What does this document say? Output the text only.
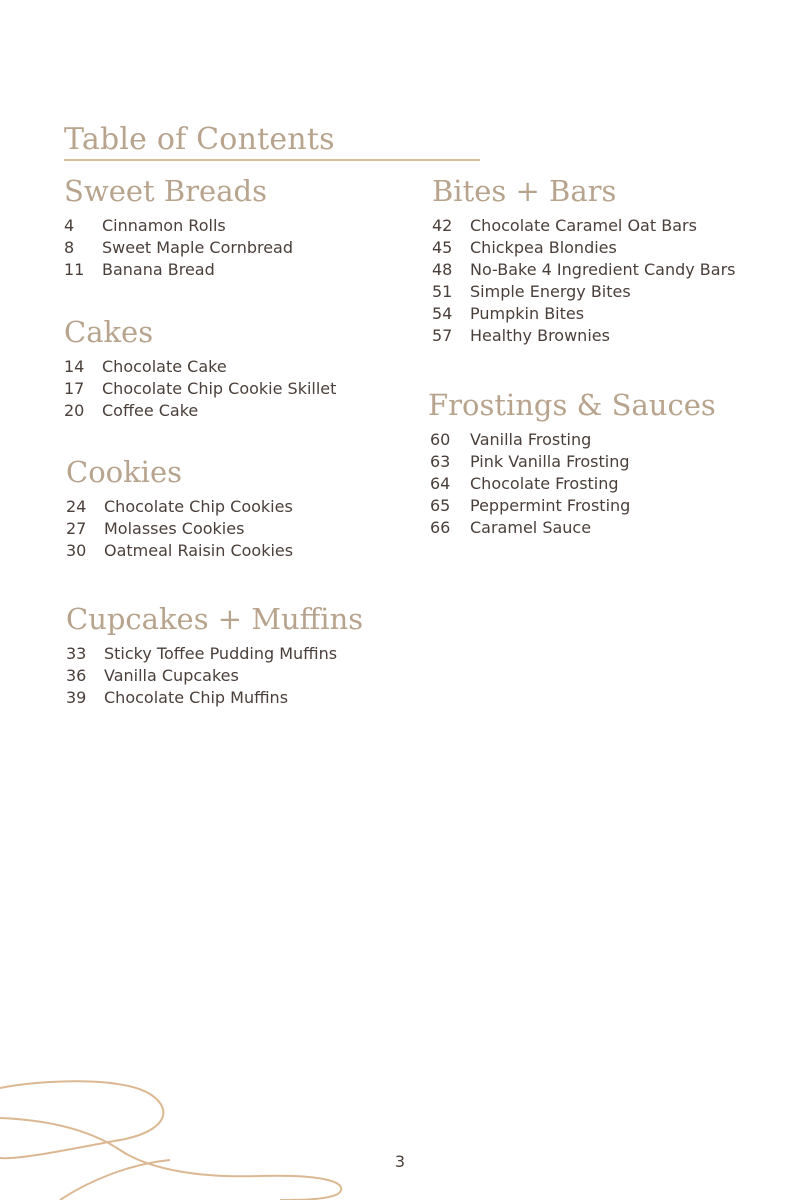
Table of Contents
Sweet Breads
4	Cinnamon Rolls
8	Sweet Maple Cornbread
11	Banana Bread
Cakes
14	Chocolate Cake
17	Chocolate Chip Cookie Skillet
20	Coffee Cake
Cookies
24	Chocolate Chip Cookies
27	Molasses Cookies
30	Oatmeal Raisin Cookies
Cupcakes + Muffins
33	Sticky Toffee Pudding Muffins
36	Vanilla Cupcakes
39	Chocolate Chip Muffins
Bites + Bars
42	Chocolate Caramel Oat Bars
45	Chickpea Blondies
48	No-Bake 4 Ingredient Candy Bars
51	Simple Energy Bites
54	Pumpkin Bites
57	Healthy Brownies
Frostings & Sauces
60	Vanilla Frosting
63	Pink Vanilla Frosting
64	Chocolate Frosting
65	Peppermint Frosting
66	Caramel Sauce
3
